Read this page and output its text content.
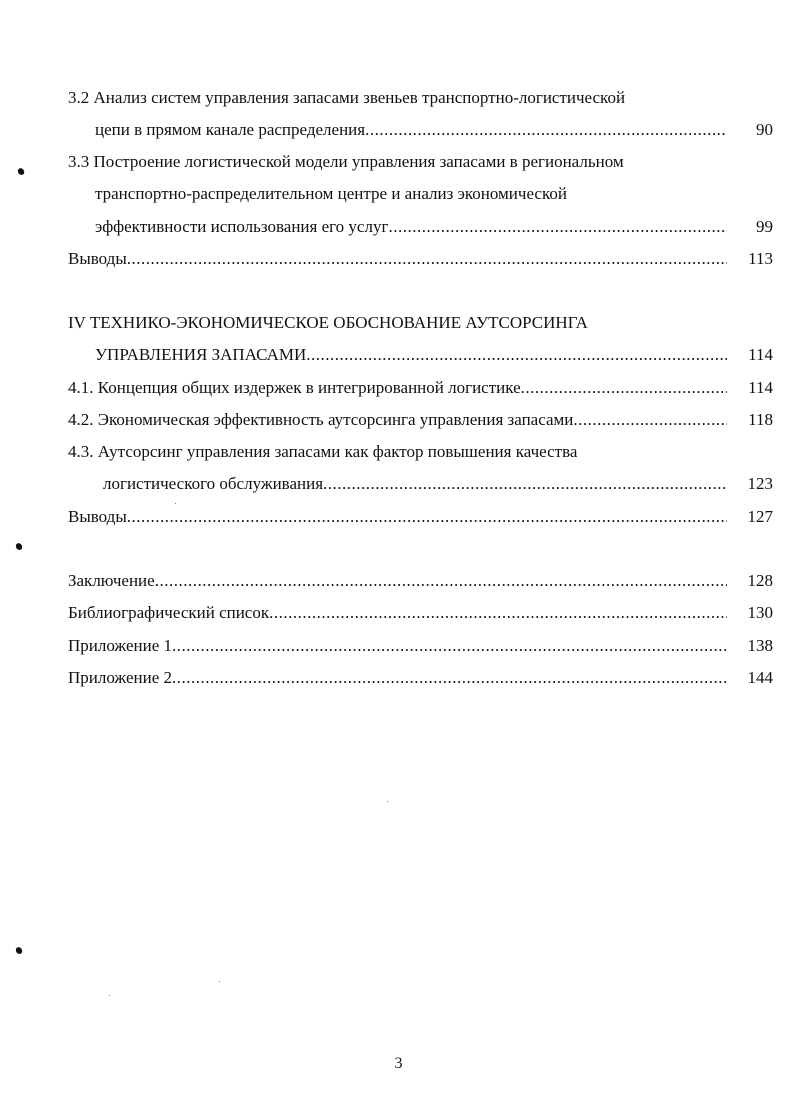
3.2 Анализ систем управления запасами звеньев транспортно-логистической
цепи в прямом канале распределения .....	90
3.3 Построение логистической модели управления запасами в региональном
транспортно-распределительном центре и анализ экономической
эффективности использования его услуг .....	99
Выводы .....	113
IV ТЕХНИКО-ЭКОНОМИЧЕСКОЕ ОБОСНОВАНИЕ АУТСОРСИНГА
УПРАВЛЕНИЯ ЗАПАСАМИ .....	114
4.1. Концепция общих издержек в интегрированной логистике .....	114
4.2. Экономическая эффективность аутсорсинга управления запасами .....	118
4.3. Аутсорсинг управления запасами как фактор повышения качества
логистического обслуживания .....	123
Выводы .....	127
Заключение .....	128
Библиографический список .....	130
Приложение 1 .....	138
Приложение 2 .....	144
3
